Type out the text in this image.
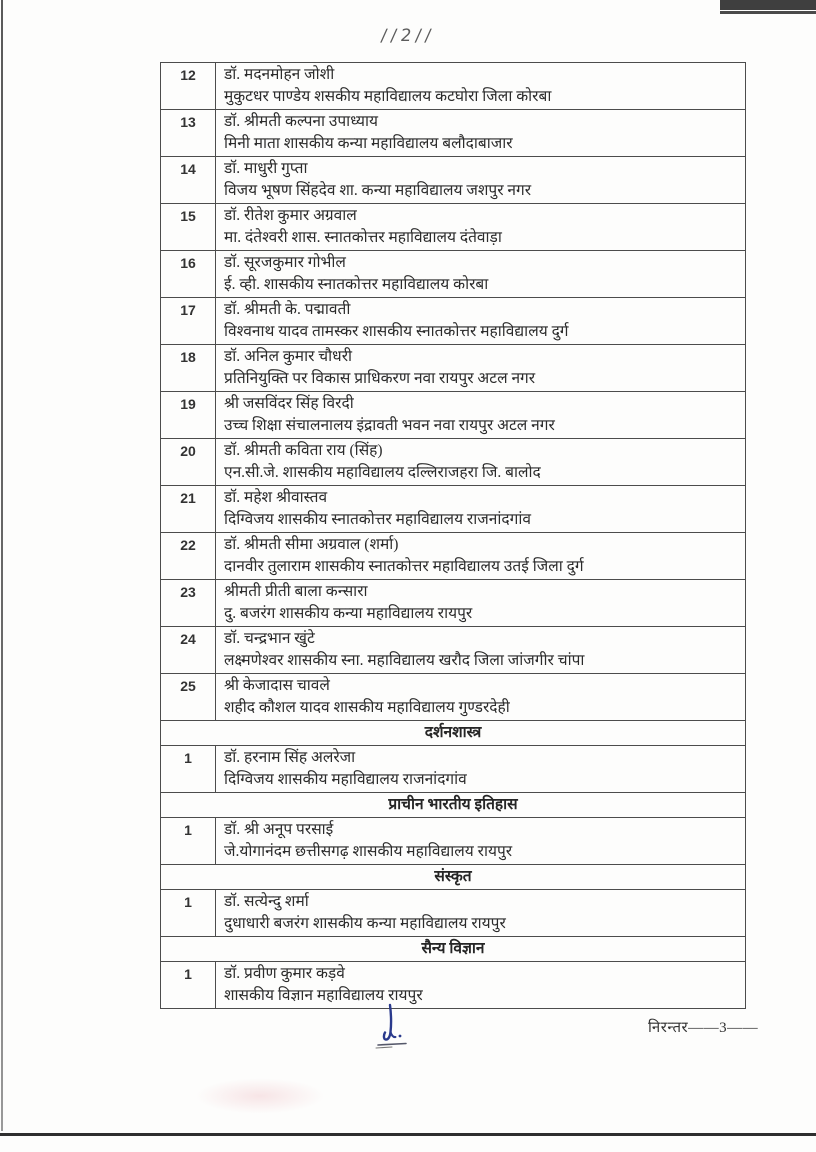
//2//
12	डॉ. मदनमोहन जोशी
मुकुटधर पाण्डेय शसकीय महाविद्यालय कटघोरा जिला कोरबा

13	डॉ. श्रीमती कल्पना उपाध्याय
मिनी माता शासकीय कन्या महाविद्यालय बलौदाबाजार

14	डॉ. माधुरी गुप्ता
विजय भूषण सिंहदेव शा. कन्या महाविद्यालय जशपुर नगर

15	डॉ. रीतेश कुमार अग्रवाल
मा. दंतेश्वरी शास. स्नातकोत्तर महाविद्यालय दंतेवाड़ा

16	डॉ. सूरजकुमार गोभील
ई. व्ही. शासकीय स्नातकोत्तर महाविद्यालय कोरबा

17	डॉ. श्रीमती के. पद्मावती
विश्वनाथ यादव तामस्कर शासकीय स्नातकोत्तर महाविद्यालय दुर्ग

18	डॉ. अनिल कुमार चौधरी
प्रतिनियुक्ति पर विकास प्राधिकरण नवा रायपुर अटल नगर

19	श्री जसविंदर सिंह विरदी
उच्च शिक्षा संचालनालय इंद्रावती भवन नवा रायपुर अटल नगर

20	डॉ. श्रीमती कविता राय (सिंह)
एन.सी.जे. शासकीय महाविद्यालय दल्लिराजहरा जि. बालोद

21	डॉ. महेश श्रीवास्तव
दिग्विजय शासकीय स्नातकोत्तर महाविद्यालय राजनांदगांव

22	डॉ. श्रीमती सीमा अग्रवाल (शर्मा)
दानवीर तुलाराम शासकीय स्नातकोत्तर महाविद्यालय उतई जिला दुर्ग

23	श्रीमती प्रीती बाला कन्सारा
दु. बजरंग शासकीय कन्या महाविद्यालय रायपुर

24	डॉ. चन्द्रभान खुंटे
लक्ष्मणेश्वर शासकीय स्ना. महाविद्यालय खरौद जिला जांजगीर चांपा

25	श्री केजादास चावले
शहीद कौशल यादव शासकीय महाविद्यालय गुण्डरदेही

दर्शनशास्त्र	
1	डॉ. हरनाम सिंह अलरेजा
दिग्विजय शासकीय महाविद्यालय राजनांदगांव

प्राचीन भारतीय इतिहास	
1	डॉ. श्री अनूप परसाई
जे.योगानंदम छत्तीसगढ़ शासकीय महाविद्यालय रायपुर

संस्कृत	
1	डॉ. सत्येन्दु शर्मा
दुधाधारी बजरंग शासकीय कन्या महाविद्यालय रायपुर

सैन्य विज्ञान	
1	डॉ. प्रवीण कुमार कड़वे
शासकीय विज्ञान महाविद्यालय रायपुर
निरन्तर——3——
